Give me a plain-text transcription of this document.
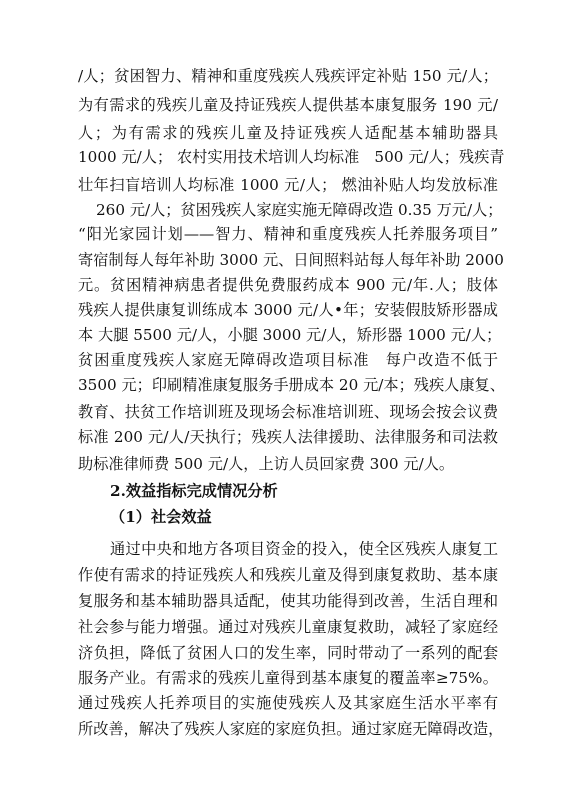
/人；贫困智力、精神和重度残疾人残疾评定补贴 150 元/人；
为有需求的残疾儿童及持证残疾人提供基本康复服务 190 元/
人；为有需求的残疾儿童及持证残疾人适配基本辅助器具
1000 元/人； 农村实用技术培训人均标准　500 元/人；残疾青
壮年扫盲培训人均标准 1000 元/人； 燃油补贴人均发放标准
260 元/人；贫困残疾人家庭实施无障碍改造 0.35 万元/人；
“阳光家园计划——智力、精神和重度残疾人托养服务项目”
寄宿制每人每年补助 3000 元、日间照料站每人每年补助 2000
元。贫困精神病患者提供免费服药成本 900 元/年.人；肢体
残疾人提供康复训练成本 3000 元/人•年；安装假肢矫形器成
本 大腿 5500 元/人，小腿 3000 元/人，矫形器 1000 元/人；
贫困重度残疾人家庭无障碍改造项目标准　每户改造不低于
3500 元；印刷精准康复服务手册成本 20 元/本；残疾人康复、
教育、扶贫工作培训班及现场会标准培训班、现场会按会议费
标准 200 元/人/天执行；残疾人法律援助、法律服务和司法救
助标准律师费 500 元/人，上访人员回家费 300 元/人。
2.效益指标完成情况分析
（1）社会效益
通过中央和地方各项目资金的投入，使全区残疾人康复工
作使有需求的持证残疾人和残疾儿童及得到康复救助、基本康
复服务和基本辅助器具适配，使其功能得到改善，生活自理和
社会参与能力增强。通过对残疾儿童康复救助，减轻了家庭经
济负担，降低了贫困人口的发生率，同时带动了一系列的配套
服务产业。有需求的残疾儿童得到基本康复的覆盖率≥75%。
通过残疾人托养项目的实施使残疾人及其家庭生活水平率有
所改善，解决了残疾人家庭的家庭负担。通过家庭无障碍改造，
